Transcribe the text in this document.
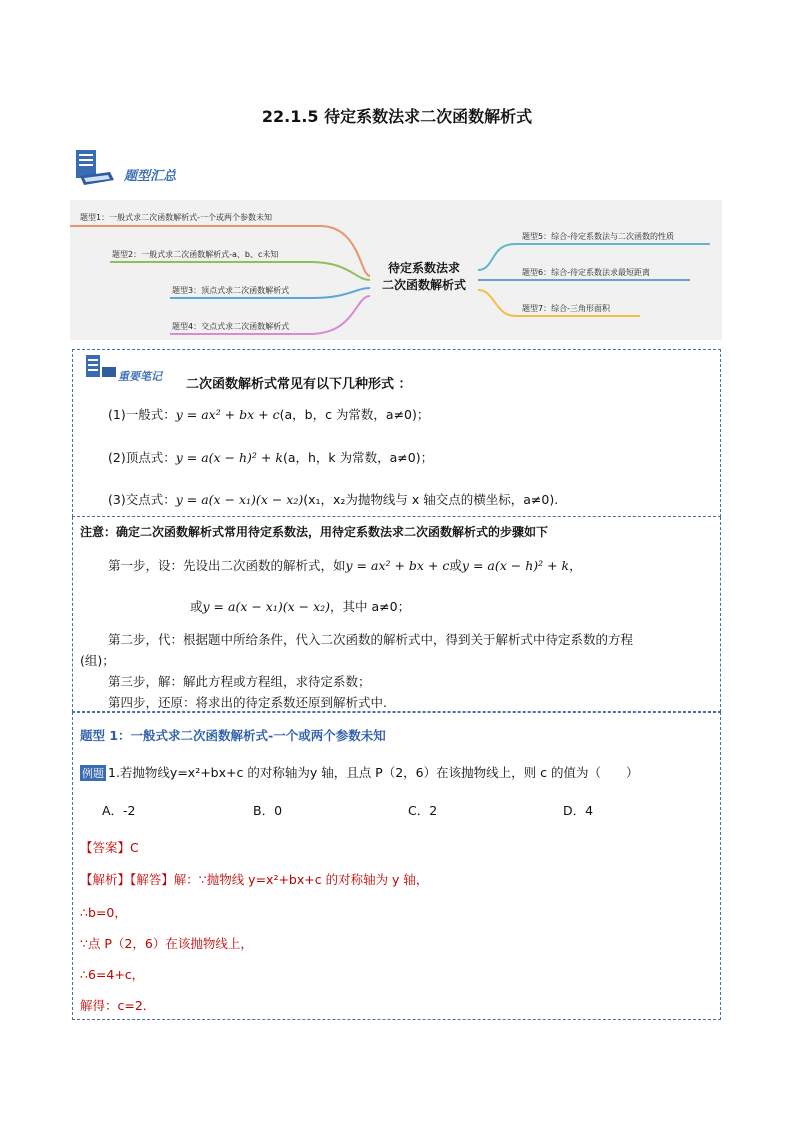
22.1.5 待定系数法求二次函数解析式
题型汇总
题型1：一般式求二次函数解析式-一个或两个参数未知
题型2：一般式求二次函数解析式-a、b、c未知
题型3：顶点式求二次函数解析式
题型4：交点式求二次函数解析式
待定系数法求
二次函数解析式
题型5：综合-待定系数法与二次函数的性质
题型6：综合-待定系数法求最短距离
题型7：综合-三角形面积
重要笔记
二次函数解析式常见有以下几种形式 ：
(1)一般式：y = ax² + bx + c(a，b，c 为常数，a≠0)；
(2)顶点式：y = a(x − h)² + k(a，h，k 为常数，a≠0)；
(3)交点式：y = a(x − x₁)(x − x₂)(x₁，x₂为抛物线与 x 轴交点的横坐标，a≠0).
注意：确定二次函数解析式常用待定系数法，用待定系数法求二次函数解析式的步骤如下
第一步，设：先设出二次函数的解析式，如y = ax² + bx + c或y = a(x − h)² + k，
或y = a(x − x₁)(x − x₂)，其中 a≠0；
第二步，代：根据题中所给条件，代入二次函数的解析式中，得到关于解析式中待定系数的方程
(组)；
第三步，解：解此方程或方程组，求待定系数；
第四步，还原：将求出的待定系数还原到解析式中.
题型 1：一般式求二次函数解析式-一个或两个参数未知
例题 1.若抛物线y=x²+bx+c 的对称轴为y 轴，且点 P（2，6）在该抛物线上，则 c 的值为（　　）
A．-2	B．0	C．2	D．4
【答案】C
【解析】【解答】解：∵抛物线 y=x²+bx+c 的对称轴为 y 轴，
∴b=0，
∵点 P（2，6）在该抛物线上，
∴6=4+c，
解得：c=2．
